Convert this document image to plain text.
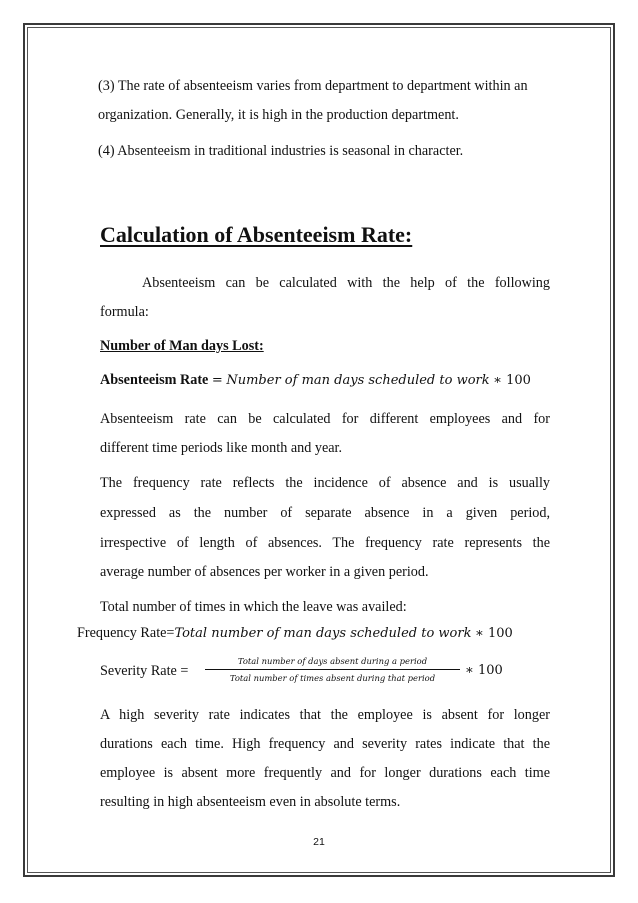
(3) The rate of absenteeism varies from department to department within an
organization. Generally, it is high in the production department.
(4) Absenteeism in traditional industries is seasonal in character.
Calculation of Absenteeism Rate:
Absenteeism can be calculated with the help of the following
formula:
Number of Man days Lost:
Absenteeism Rate = Number of man days scheduled to work ∗ 100
Absenteeism rate can be calculated for different employees and for
different time periods like month and year.
The frequency rate reflects the incidence of absence and is usually
expressed as the number of separate absence in a given period,
irrespective of length of absences. The frequency rate represents the
average number of absences per worker in a given period.
Total number of times in which the leave was availed:
Frequency Rate=Total number of man days scheduled to work ∗ 100
Severity Rate =
Total number of days absent during a period
Total number of times absent during that period	∗ 100
A high severity rate indicates that the employee is absent for longer
durations each time. High frequency and severity rates indicate that the
employee is absent more frequently and for longer durations each time
resulting in high absenteeism even in absolute terms.
21
